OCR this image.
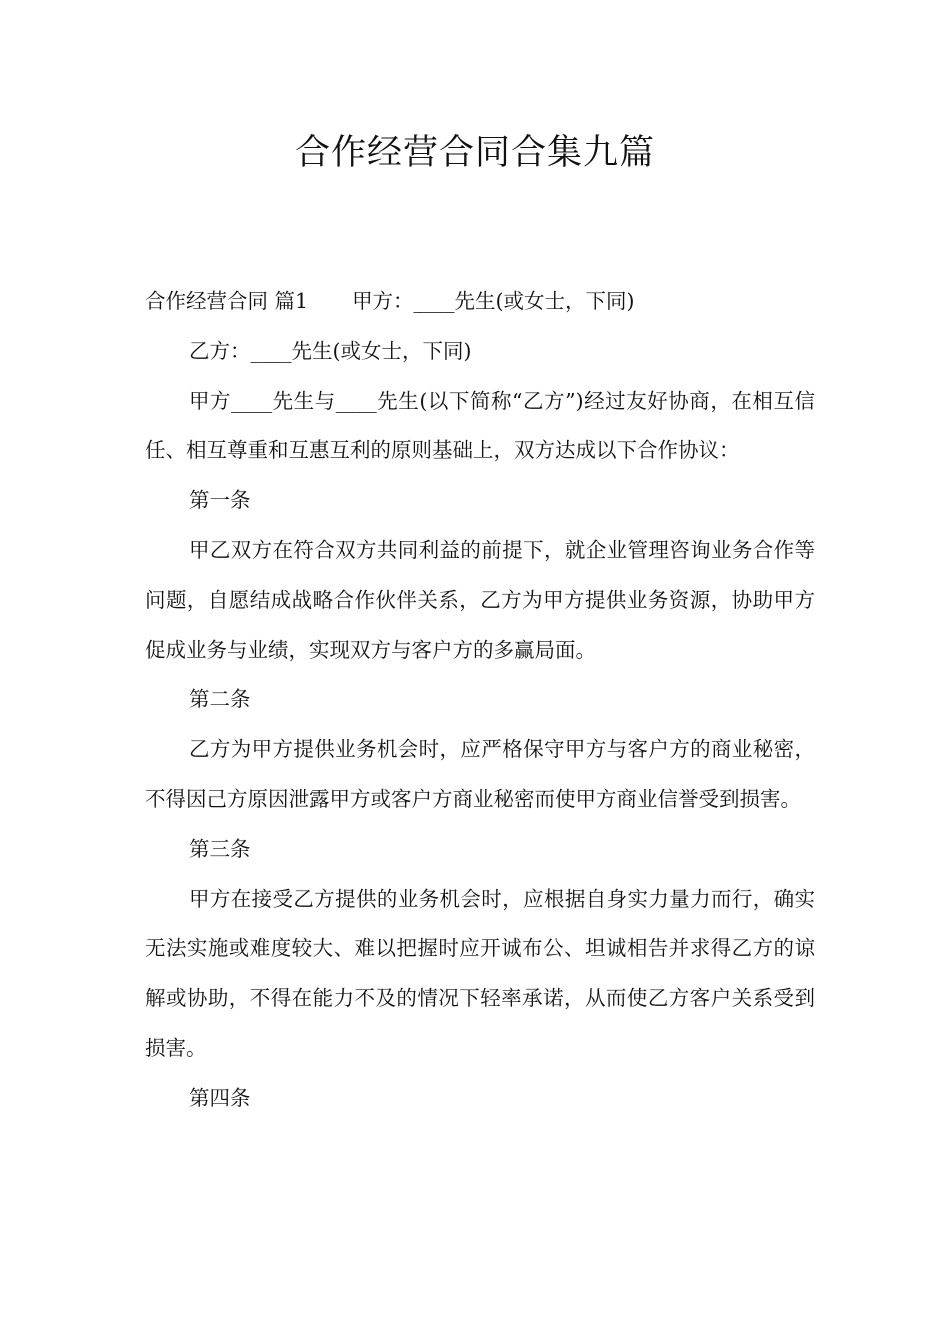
合作经营合同合集九篇

合作经营合同 篇1 甲方：____先生(或女士，下同)

乙方：____先生(或女士，下同)

甲方____先生与____先生(以下简称“乙方”)经过友好协商，在相互信任、相互尊重和互惠互利的原则基础上，双方达成以下合作协议：

第一条

甲乙双方在符合双方共同利益的前提下，就企业管理咨询业务合作等问题，自愿结成战略合作伙伴关系，乙方为甲方提供业务资源，协助甲方促成业务与业绩，实现双方与客户方的多赢局面。

第二条

乙方为甲方提供业务机会时，应严格保守甲方与客户方的商业秘密，不得因己方原因泄露甲方或客户方商业秘密而使甲方商业信誉受到损害。

第三条

甲方在接受乙方提供的业务机会时，应根据自身实力量力而行，确实无法实施或难度较大、难以把握时应开诚布公、坦诚相告并求得乙方的谅解或协助，不得在能力不及的情况下轻率承诺，从而使乙方客户关系受到损害。

第四条
